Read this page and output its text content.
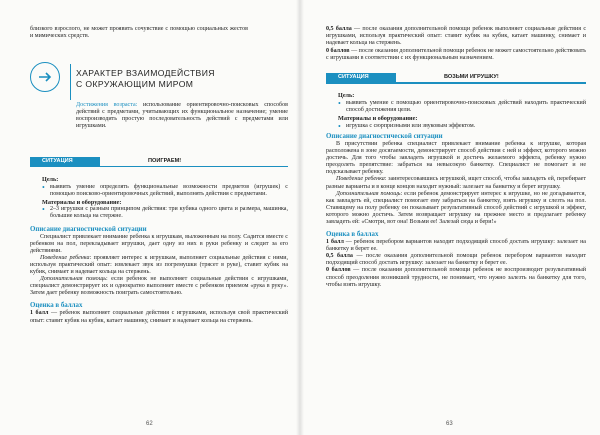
близкого взрослого, не может проявить сочувствие с помощью социальных жестов и мимических средств.

ХАРАКТЕР ВЗАИМОДЕЙСТВИЯ
С ОКРУЖАЮЩИМ МИРОМ

Достижения возраста: использование ориентировочно-поисковых способов действий с предметами, учитывающих их функциональное назначение; умение воспроизводить простую последовательность действий с предметами или игрушками.

СИТУАЦИЯ	ПОИГРАЕМ!

Цель:

• выявить умение определять функциональные возможности предметов (игрушек) с помощью поисково-ориентировочных действий, выполнять действия с предметами.

Материалы и оборудование:

• 2–3 игрушки с разным принципом действия: три кубика одного цвета и размера, машинка, большие кольца на стержне.

Описание диагностической ситуации

Специалист привлекает внимание ребенка к игрушкам, выложенным на полу. Садится вместе с ребенком на пол, перекладывает игрушки, дает одну из них в руки ребенку и следит за его действиями.

Поведение ребенка: проявляет интерес к игрушкам, выполняет социальные действия с ними, используя практический опыт: извлекает звук из погремушки (трясет в руке), ставит кубик на кубик, снимает и надевает кольца на стержень.

Дополнительная помощь: если ребенок не выполняет социальные действия с игрушками, специалист демонстрирует их и однократно выполняет вместе с ребенком приемом «рука в руку». Затем дает ребенку возможность поиграть самостоятельно.

Оценка в баллах

1 балл — ребенок выполняет социальные действия с игрушками, используя свой практический опыт: ставит кубик на кубик, катает машинку, снимает и надевает кольца на стержень.

62

0,5 балла — после оказания дополнительной помощи ребенок выполняет социальные действия с игрушками, используя практический опыт: ставит кубик на кубик, катает машинку, снимает и надевает кольца на стержень.

0 баллов — после оказания дополнительной помощи ребенок не может самостоятельно действовать с игрушками в соответствии с их функциональным назначением.

СИТУАЦИЯ	ВОЗЬМИ ИГРУШКУ!

Цель:

• выявить умение с помощью ориентировочно-поисковых действий находить практический способ достижения цели.

Материалы и оборудование:

• игрушка с сюрпризными или звуковым эффектом.

Описание диагностической ситуации

В присутствии ребенка специалист привлекает внимание ребенка к игрушке, которая расположена в зоне досягаемости, демонстрирует способ действия с ней и эффект, которого можно достичь. Для того чтобы завладеть игрушкой и достичь желаемого эффекта, ребенку нужно преодолеть препятствие: забраться на невысокую банкетку. Специалист не помогает и не подсказывает ребенку.

Поведение ребенка: заинтересовавшись игрушкой, ищет способ, чтобы завладеть ей, перебирает разные варианты и в конце концов находит нужный: залезает на банкетку и берет игрушку.

Дополнительная помощь: если ребенок демонстрирует интерес к игрушке, но не догадывается, как завладеть ей, специалист помогает ему забраться на банкетку, взять игрушку и слезть на пол. Ставящему на полу ребенку он показывает результативный способ действий с игрушкой и эффект, которого можно достичь. Затем возвращает игрушку на прежнее место и предлагает ребенку завладеть ей: «Смотри, вот она! Возьми ее! Залезай сюда и бери!»

Оценка в баллах

1 балл — ребенок перебором вариантов находит подходящий способ достать игрушку: залезает на банкетку и берет ее.

0,5 балла — после оказания дополнительной помощи ребенок перебором вариантов находит подходящий способ достать игрушку: залезает на банкетку и берет ее.

0 баллов — после оказания дополнительной помощи ребенок не воспроизводит результативный способ преодоления возникшей трудности, не понимает, что нужно залезть на банкетку для того, чтобы взять игрушку.

63
